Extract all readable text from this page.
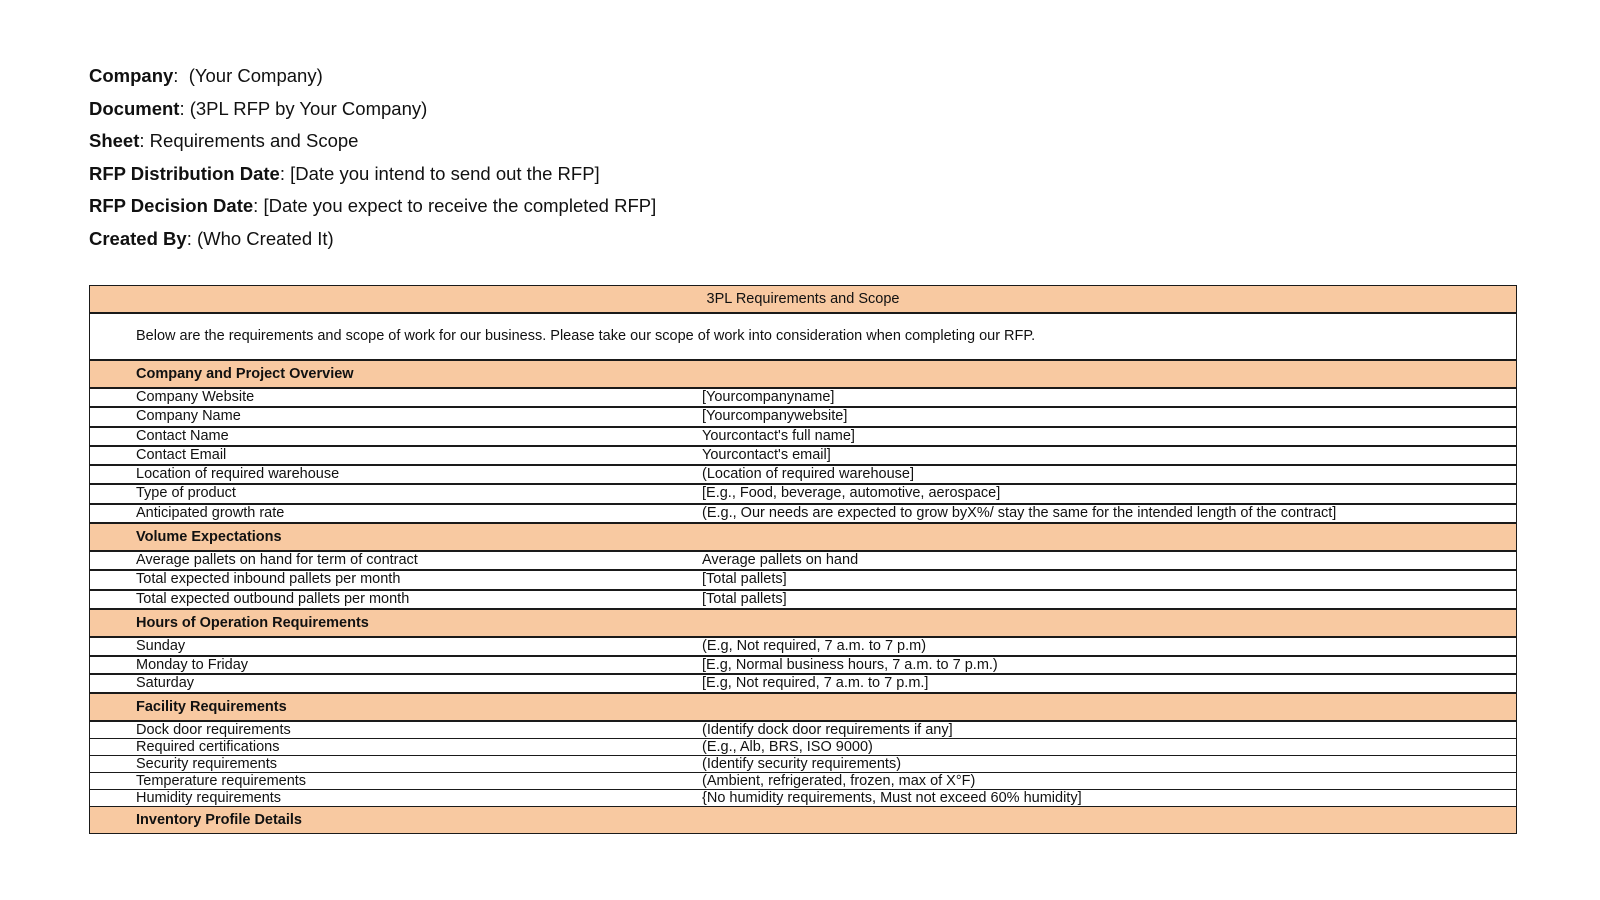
Company:  (Your Company)
Document: (3PL RFP by Your Company)
Sheet: Requirements and Scope
RFP Distribution Date: [Date you intend to send out the RFP]
RFP Decision Date: [Date you expect to receive the completed RFP]
Created By: (Who Created It)
3PL Requirements and Scope
Below are the requirements and scope of work for our business. Please take our scope of work into consideration when completing our RFP.
Company and Project Overview
Company Website	[Yourcompanyname]
Company Name	[Yourcompanywebsite]
Contact Name	Yourcontact's full name]
Contact Email	Yourcontact's email]
Location of required warehouse	(Location of required warehouse]
Type of product	[E.g., Food, beverage, automotive, aerospace]
Anticipated growth rate	(E.g., Our needs are expected to grow byX%/ stay the same for the intended length of the contract]
Volume Expectations
Average pallets on hand for term of contract	Average pallets on hand
Total expected inbound pallets per month	[Total pallets]
Total expected outbound pallets per month	[Total pallets]
Hours of Operation Requirements
Sunday	(E.g, Not required, 7 a.m. to 7 p.m)
Monday to Friday	[E.g, Normal business hours, 7 a.m. to 7 p.m.)
Saturday	[E.g, Not required, 7 a.m. to 7 p.m.]
Facility Requirements
Dock door requirements	(Identify dock door requirements if any]
Required certifications	(E.g., Alb, BRS, ISO 9000)
Security requirements	(Identify security requirements)
Temperature requirements	(Ambient, refrigerated, frozen, max of X°F)
Humidity requirements	{No humidity requirements, Must not exceed 60% humidity]
Inventory Profile Details
